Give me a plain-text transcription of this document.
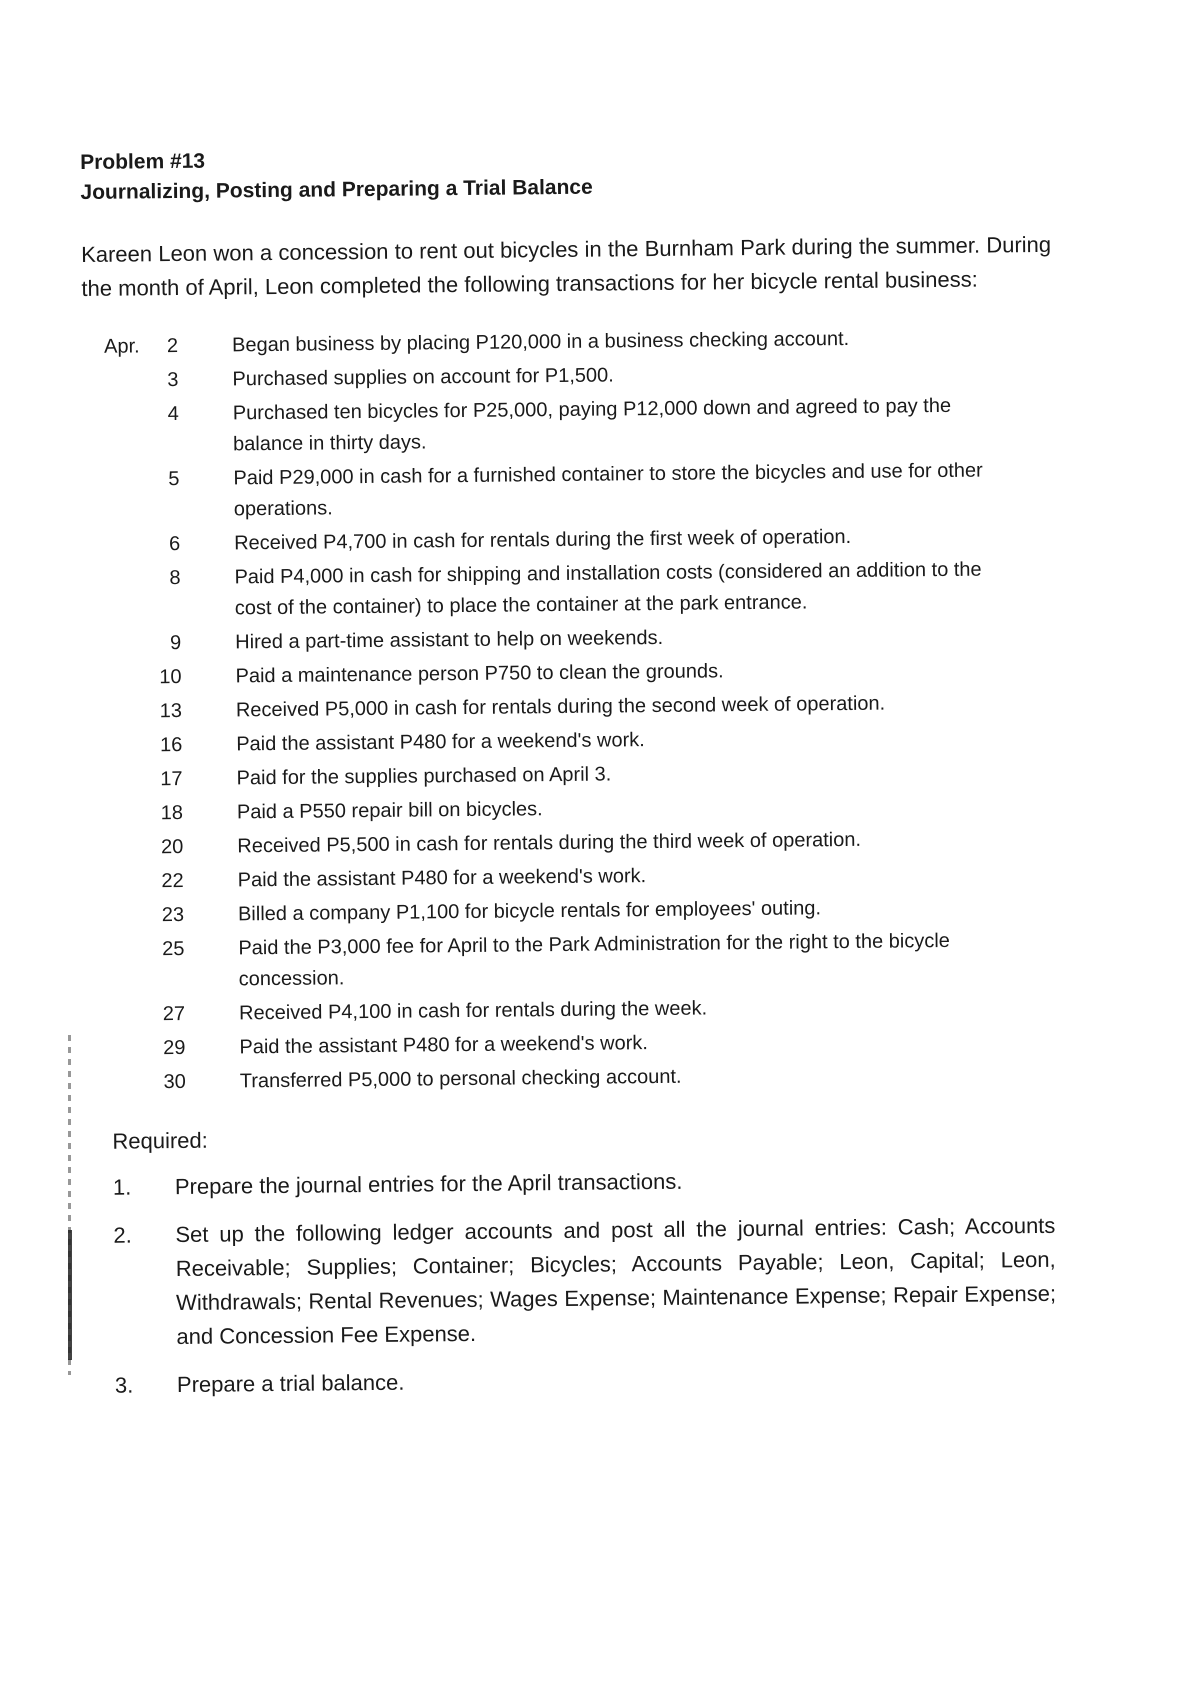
Problem #13
Journalizing, Posting and Preparing a Trial Balance

Kareen Leon won a concession to rent out bicycles in the Burnham Park during the summer. During the month of April, Leon completed the following transactions for her bicycle rental business:

Apr.	2	Began business by placing P120,000 in a business checking account.
3	Purchased supplies on account for P1,500.
4	Purchased ten bicycles for P25,000, paying P12,000 down and agreed to pay the balance in thirty days.
5	Paid P29,000 in cash for a furnished container to store the bicycles and use for other operations.
6	Received P4,700 in cash for rentals during the first week of operation.
8	Paid P4,000 in cash for shipping and installation costs (considered an addition to the cost of the container) to place the container at the park entrance.
9	Hired a part-time assistant to help on weekends.
10	Paid a maintenance person P750 to clean the grounds.
13	Received P5,000 in cash for rentals during the second week of operation.
16	Paid the assistant P480 for a weekend's work.
17	Paid for the supplies purchased on April 3.
18	Paid a P550 repair bill on bicycles.
20	Received P5,500 in cash for rentals during the third week of operation.
22	Paid the assistant P480 for a weekend's work.
23	Billed a company P1,100 for bicycle rentals for employees' outing.
25	Paid the P3,000 fee for April to the Park Administration for the right to the bicycle concession.
27	Received P4,100 in cash for rentals during the week.
29	Paid the assistant P480 for a weekend's work.
30	Transferred P5,000 to personal checking account.
Required:
1. Prepare the journal entries for the April transactions.
2. Set up the following ledger accounts and post all the journal entries: Cash; Accounts Receivable; Supplies; Container; Bicycles; Accounts Payable; Leon, Capital; Leon, Withdrawals; Rental Revenues; Wages Expense; Maintenance Expense; Repair Expense; and Concession Fee Expense.
3. Prepare a trial balance.
